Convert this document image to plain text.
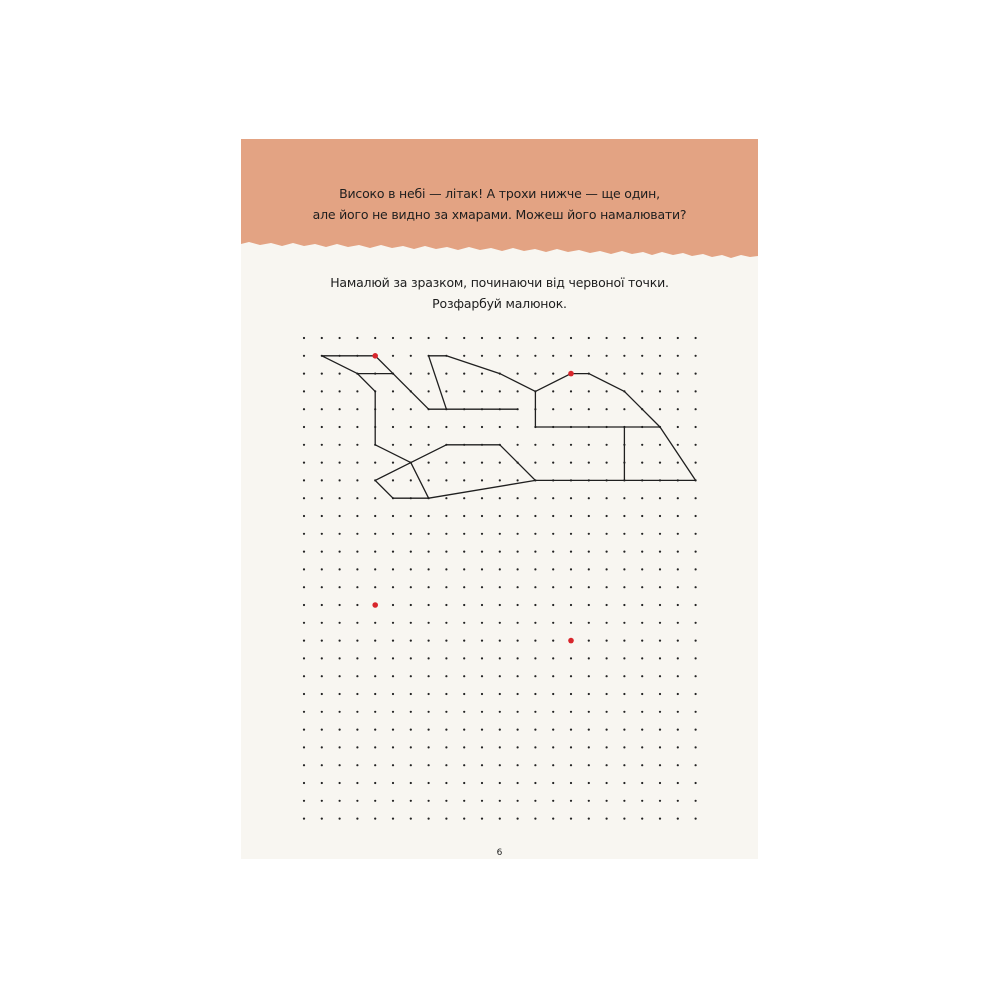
Високо в небі — літак! А трохи нижче — ще один,
але його не видно за хмарами. Можеш його намалювати?
Намалюй за зразком, починаючи від червоної точки.
Розфарбуй малюнок.
6
